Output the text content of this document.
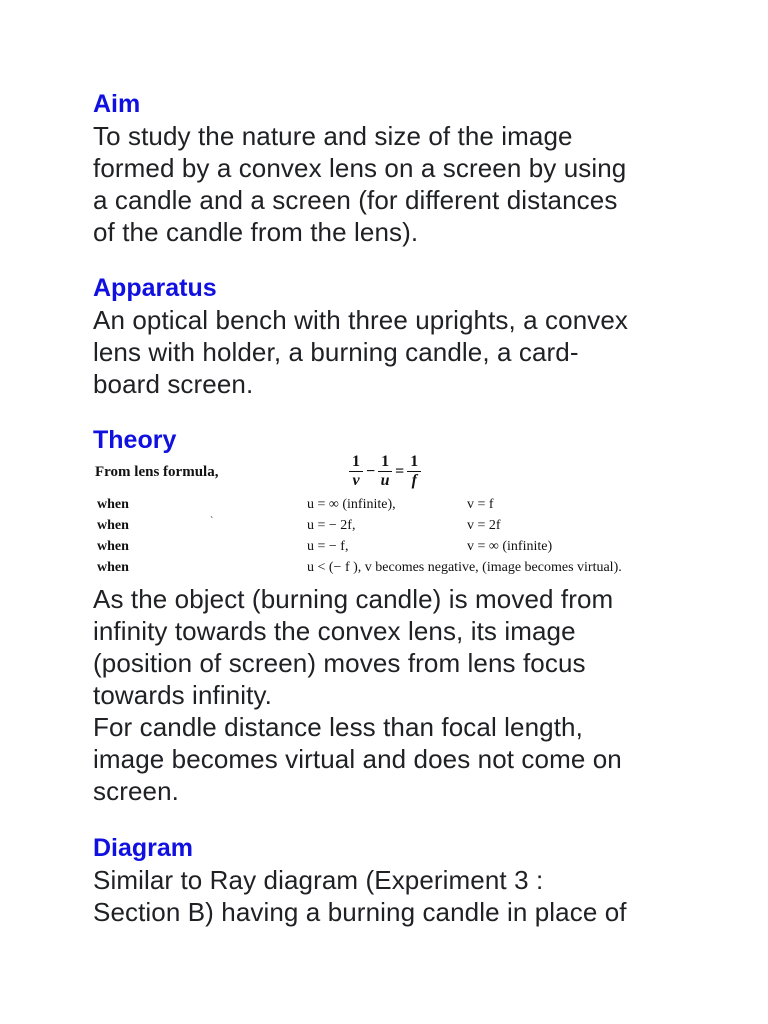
Aim
To study the nature and size of the image
formed by a convex lens on a screen by using
a candle and a screen (for different distances
of the candle from the lens).
Apparatus
An optical bench with three uprights, a convex
lens with holder, a burning candle, a card-
board screen.
Theory
From lens formula,	$\frac{1}{v} - \frac{1}{u} = \frac{1}{f}$
when	u = ∞ (infinite),	v = f
`
when	u = − 2f,	v = 2f
when	u = − f,	v = ∞ (infinite)
when	u < (− f ), v becomes negative, (image becomes virtual).
As the object (burning candle) is moved from
infinity towards the convex lens, its image
(position of screen) moves from lens focus
towards infinity.
For candle distance less than focal length,
image becomes virtual and does not come on
screen.
Diagram
Similar to Ray diagram (Experiment 3 :
Section B) having a burning candle in place of
